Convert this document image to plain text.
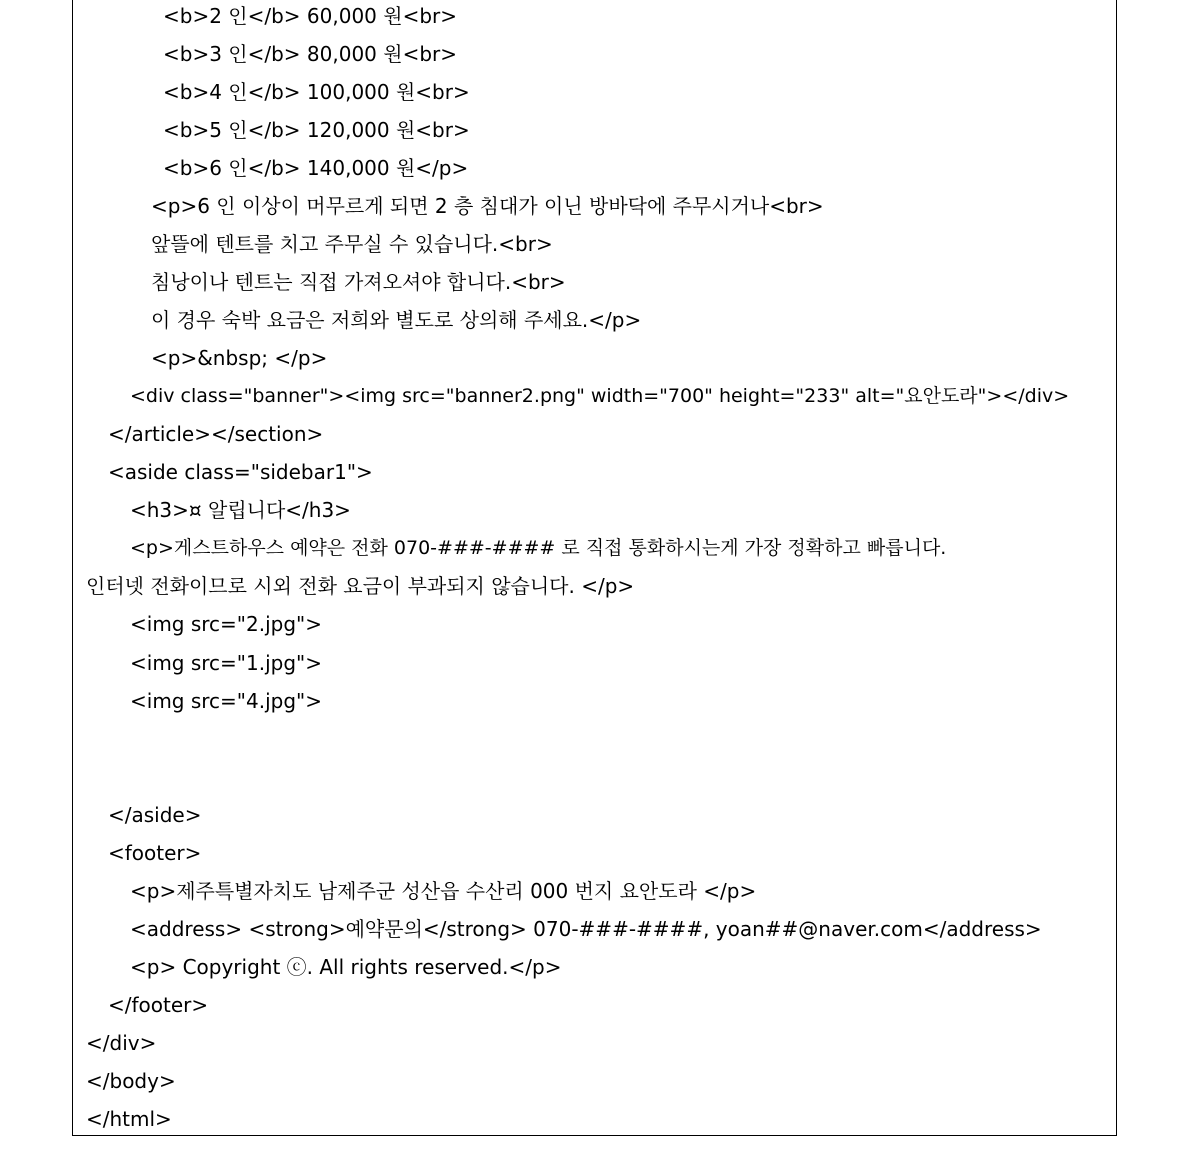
<b>2 인</b> 60,000 원<br>
<b>3 인</b> 80,000 원<br>
<b>4 인</b> 100,000 원<br>
<b>5 인</b> 120,000 원<br>
<b>6 인</b> 140,000 원</p>
<p>6 인 이상이 머무르게 되면 2 층 침대가 이닌 방바닥에 주무시거나<br>
앞뜰에 텐트를 치고 주무실 수 있습니다.<br>
침낭이나 텐트는 직접 가져오셔야 합니다.<br>
이 경우 숙박 요금은 저희와 별도로 상의해 주세요.</p>
<p>&nbsp; </p>
<div class="banner"><img src="banner2.png" width="700" height="233" alt="요안도라"></div>
</article></section>
<aside class="sidebar1">
<h3>¤ 알립니다</h3>
<p>게스트하우스 예약은 전화 070-###-#### 로 직접 통화하시는게 가장 정확하고 빠릅니다.
인터넷 전화이므로 시외 전화 요금이 부과되지 않습니다. </p>
<img src="2.jpg">
<img src="1.jpg">
<img src="4.jpg">
</aside>
<footer>
<p>제주특별자치도 남제주군 성산읍 수산리 000 번지 요안도라 </p>
<address> <strong>예약문의</strong> 070-###-####, yoan##@naver.com</address>
<p> Copyright ⓒ. All rights reserved.</p>
</footer>
</div>
</body>
</html>
